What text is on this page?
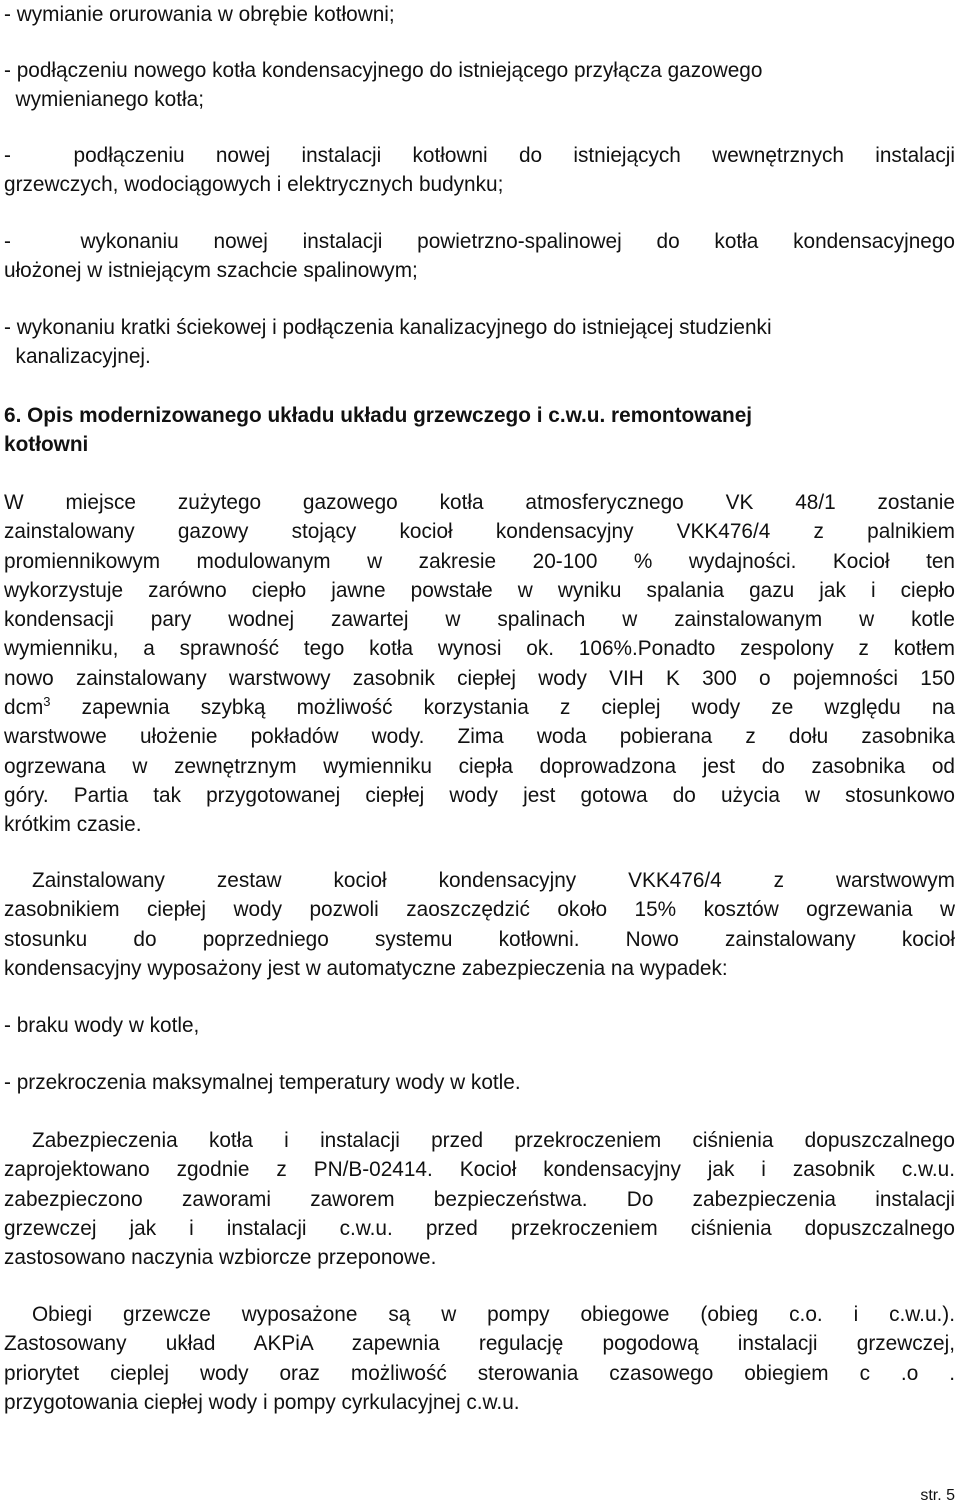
- wymianie orurowania w obrębie kotłowni;
- podłączeniu nowego kotła kondensacyjnego do istniejącego przyłącza gazowego
wymienianego kotła;
-  podłączeniu nowej instalacji kotłowni do istniejących wewnętrznych instalacji
grzewczych, wodociągowych i elektrycznych budynku;
-  wykonaniu nowej instalacji powietrzno-spalinowej do kotła kondensacyjnego
ułożonej w istniejącym szachcie spalinowym;
- wykonaniu kratki ściekowej i podłączenia kanalizacyjnego do istniejącej studzienki
kanalizacyjnej.
6. Opis modernizowanego układu układu grzewczego i c.w.u. remontowanej
kotłowni
W miejsce zużytego gazowego kotła atmosferycznego VK 48/1 zostanie
zainstalowany gazowy stojący kocioł kondensacyjny VKK476/4 z palnikiem
promiennikowym modulowanym w zakresie 20-100 % wydajności. Kocioł ten
wykorzystuje zarówno ciepło jawne powstałe w wyniku spalania gazu jak i ciepło
kondensacji pary wodnej zawartej w spalinach w zainstalowanym w kotle
wymienniku, a sprawność tego kotła wynosi ok. 106%.Ponadto zespolony z kotłem
nowo zainstalowany warstwowy zasobnik ciepłej wody VIH K 300 o pojemności 150
dcm$^3$ zapewnia szybką możliwość korzystania z cieplej wody ze względu na
warstwowe ułożenie pokładów wody. Zima woda pobierana z dołu zasobnika
ogrzewana w zewnętrznym wymienniku ciepła doprowadzona jest do zasobnika od
góry. Partia tak przygotowanej ciepłej wody jest gotowa do użycia w stosunkowo
krótkim czasie.
Zainstalowany zestaw kocioł kondensacyjny VKK476/4 z warstwowym
zasobnikiem ciepłej wody pozwoli zaoszczędzić około 15% kosztów ogrzewania w
stosunku do poprzedniego systemu kotłowni. Nowo zainstalowany kocioł
kondensacyjny wyposażony jest w automatyczne zabezpieczenia na wypadek:
- braku wody w kotle,
- przekroczenia maksymalnej temperatury wody w kotle.
Zabezpieczenia kotła i instalacji przed przekroczeniem ciśnienia dopuszczalnego
zaprojektowano zgodnie z PN/B-02414. Kocioł kondensacyjny jak i zasobnik c.w.u.
zabezpieczono zaworami zaworem bezpieczeństwa. Do zabezpieczenia instalacji
grzewczej jak i instalacji c.w.u. przed przekroczeniem ciśnienia dopuszczalnego
zastosowano naczynia wzbiorcze przeponowe.
Obiegi grzewcze wyposażone są w pompy obiegowe (obieg c.o. i c.w.u.).
Zastosowany układ AKPiA zapewnia regulację pogodową instalacji grzewczej,
priorytet cieplej wody oraz możliwość sterowania czasowego obiegiem c .o .
przygotowania ciepłej wody i pompy cyrkulacyjnej c.w.u.
str. 5
